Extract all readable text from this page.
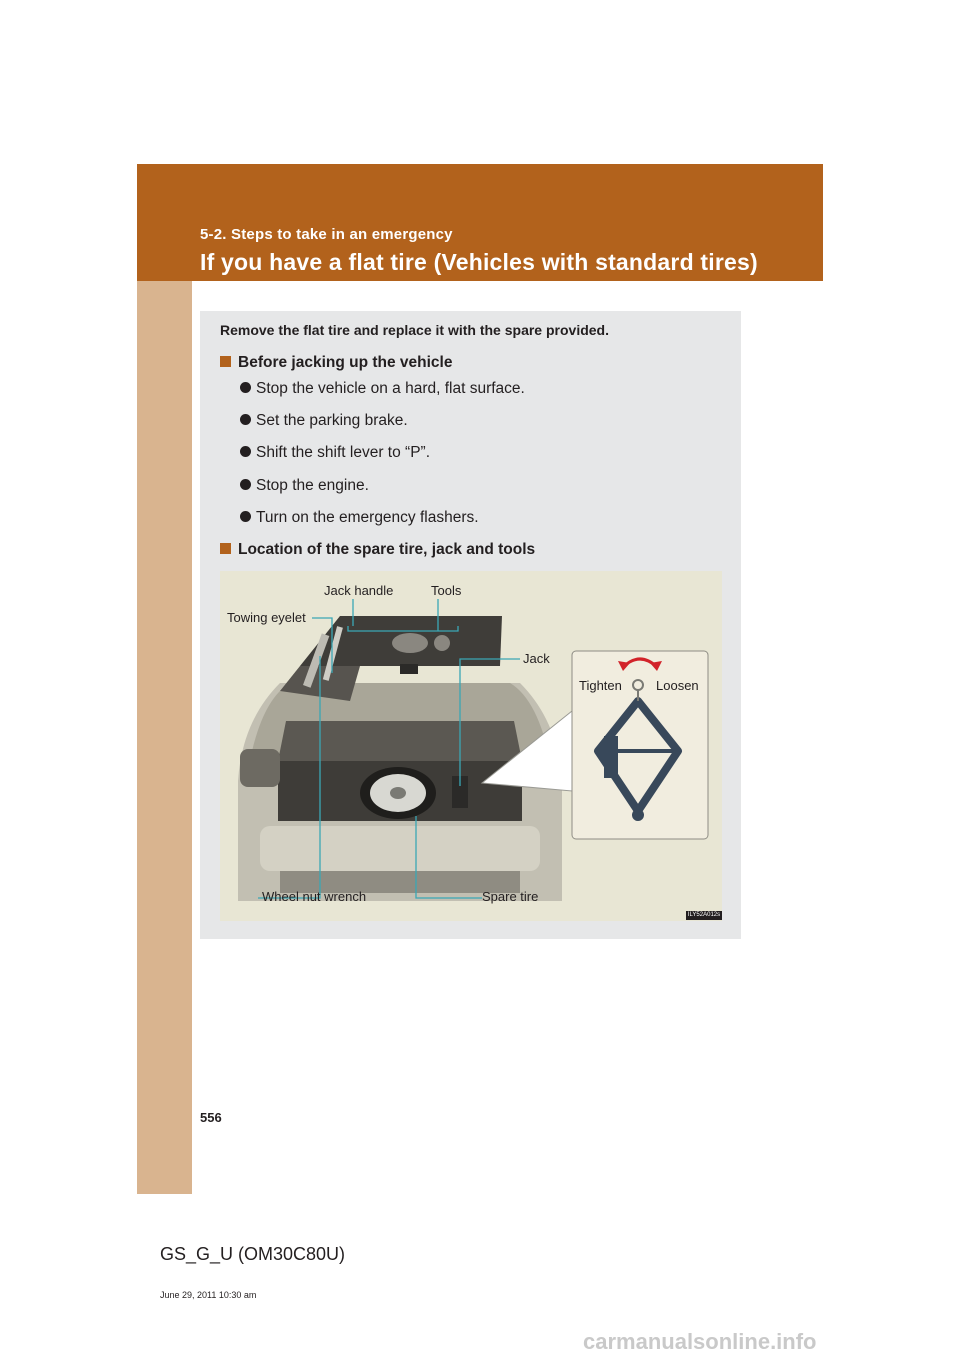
5-2. Steps to take in an emergency
If you have a flat tire (Vehicles with standard tires)
Remove the flat tire and replace it with the spare provided.
Before jacking up the vehicle
Stop the vehicle on a hard, flat surface.
Set the parking brake.
Shift the shift lever to “P”.
Stop the engine.
Turn on the emergency flashers.
Location of the spare tire, jack and tools
Jack handle	Tools
Towing eyelet
Jack
Tighten	Loosen
Wheel nut wrench	Spare tire
ILY52A012s
556
GS_G_U (OM30C80U)
June 29, 2011 10:30 am
carmanualsonline.info
